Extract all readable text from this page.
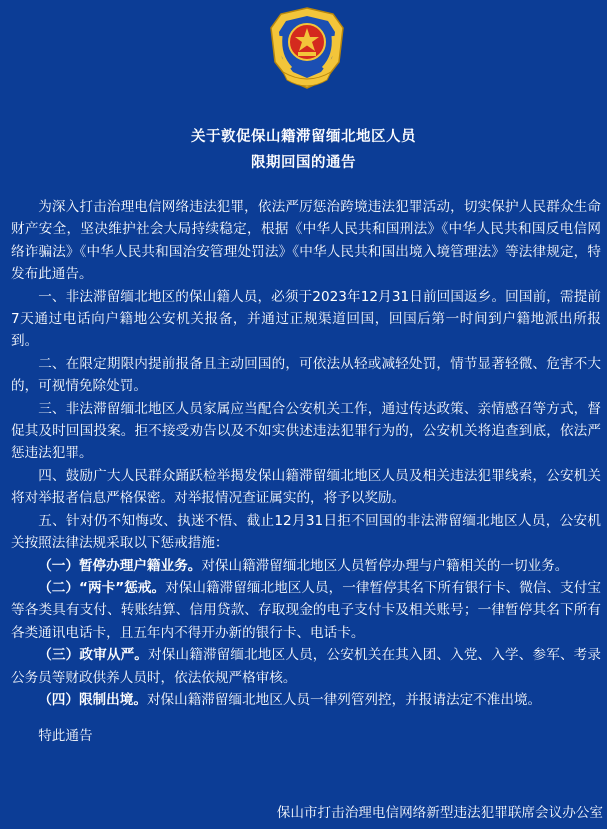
关于敦促保山籍滞留缅北地区人员
限期回国的通告

为深入打击治理电信网络违法犯罪，依法严厉惩治跨境违法犯罪活动，切实保护人民群众生命财产安全，坚决维护社会大局持续稳定，根据《中华人民共和国刑法》《中华人民共和国反电信网络诈骗法》《中华人民共和国治安管理处罚法》《中华人民共和国出境入境管理法》等法律规定，特发布此通告。

一、非法滞留缅北地区的保山籍人员，必须于2023年12月31日前回国返乡。回国前，需提前7天通过电话向户籍地公安机关报备，并通过正规渠道回国，回国后第一时间到户籍地派出所报到。

二、在限定期限内提前报备且主动回国的，可依法从轻或减轻处罚，情节显著轻微、危害不大的，可视情免除处罚。

三、非法滞留缅北地区人员家属应当配合公安机关工作，通过传达政策、亲情感召等方式，督促其及时回国投案。拒不接受劝告以及不如实供述违法犯罪行为的，公安机关将追查到底，依法严惩违法犯罪。

四、鼓励广大人民群众踊跃检举揭发保山籍滞留缅北地区人员及相关违法犯罪线索，公安机关将对举报者信息严格保密。对举报情况查证属实的，将予以奖励。

五、针对仍不知悔改、执迷不悟、截止12月31日拒不回国的非法滞留缅北地区人员，公安机关按照法律法规采取以下惩戒措施：

（一）暂停办理户籍业务。对保山籍滞留缅北地区人员暂停办理与户籍相关的一切业务。

（二）“两卡”惩戒。对保山籍滞留缅北地区人员，一律暂停其名下所有银行卡、微信、支付宝等各类具有支付、转账结算、信用贷款、存取现金的电子支付卡及相关账号；一律暂停其名下所有各类通讯电话卡，且五年内不得开办新的银行卡、电话卡。

（三）政审从严。对保山籍滞留缅北地区人员，公安机关在其入团、入党、入学、参军、考录公务员等财政供养人员时，依法依规严格审核。

（四）限制出境。对保山籍滞留缅北地区人员一律列管列控，并报请法定不准出境。

特此通告

保山市打击治理电信网络新型违法犯罪联席会议办公室
